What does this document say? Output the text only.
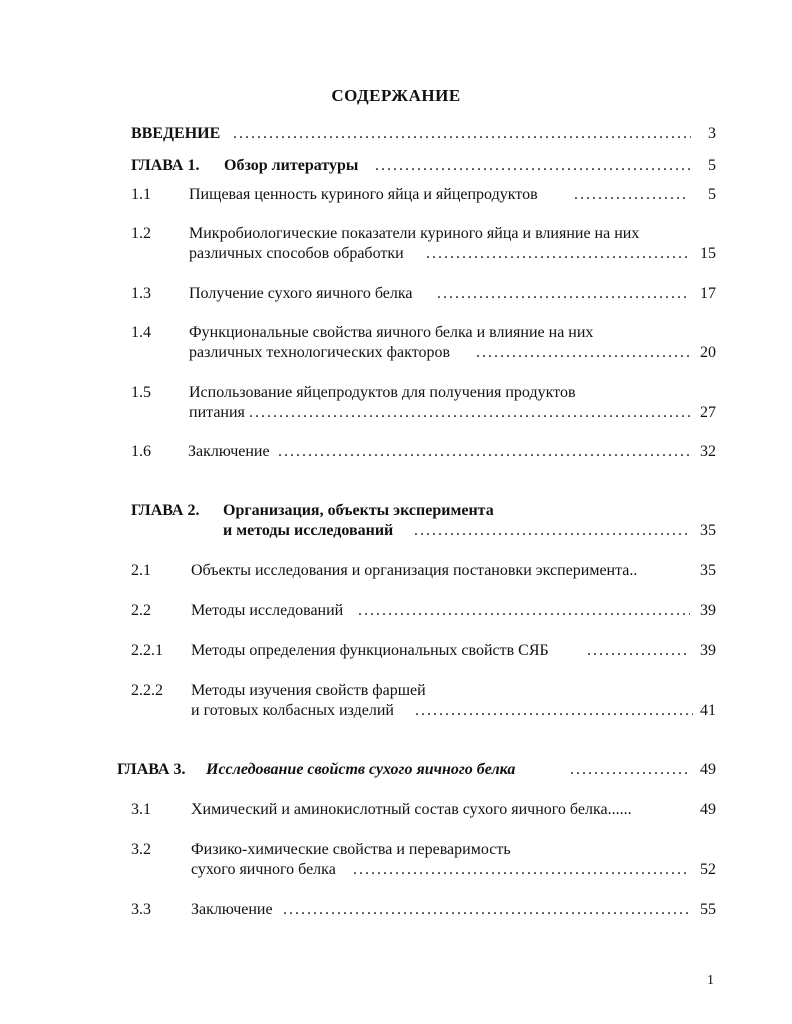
СОДЕРЖАНИЕ
ВВЕДЕНИЕ . . .	3
ГЛАВА 1. Обзор литературы . . .	5
1.1 Пищевая ценность куриного яйца и яйцепродуктов . . .	5
1.2 Микробиологические показатели куриного яйца и влияние на них
различных способов обработки . . .	15
1.3 Получение сухого яичного белка . . .	17
1.4 Функциональные свойства яичного белка и влияние на них
различных технологических факторов . . .	20
1.5 Использование яйцепродуктов для получения продуктов
питания . . .	27
1.6 Заключение . . .	32
ГЛАВА 2. Организация, объекты эксперимента
и методы исследований . . .	35
2.1	Объекты исследования и организация постановки эксперимента..	35
2.2	Методы исследований . . .	39
2.2.1 Методы определения функциональных свойств СЯБ . . .	39
2.2.2 Методы изучения свойств фаршей
и готовых колбасных изделий . . .	41
ГЛАВА 3. Исследование свойств сухого яичного белка . . .	49
3.1	Химический и аминокислотный состав сухого яичного белка......	49
3.2	Физико-химические свойства и переваримость
сухого яичного белка . . .	52
3.3	Заключение . . .	55
1
